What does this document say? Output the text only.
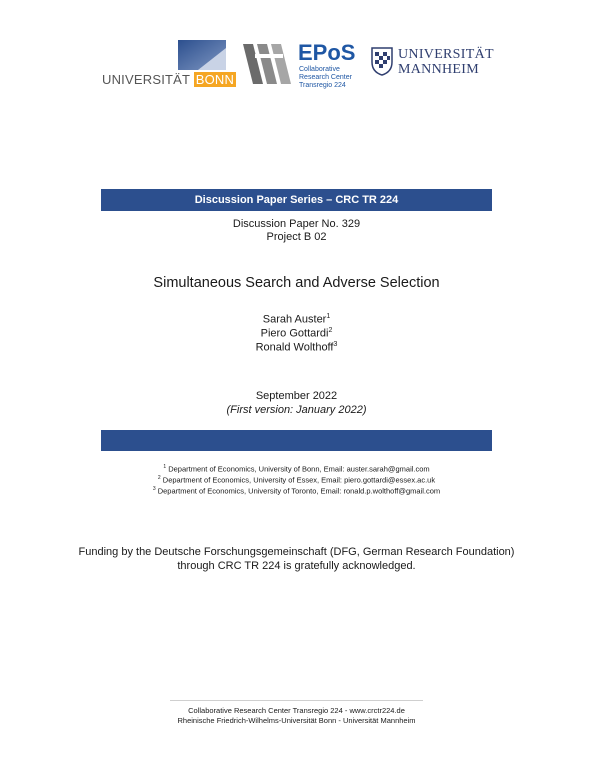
UNIVERSITÄT BONN
EPoS
Collaborative
Research Center
Transregio 224
UNIVERSITÄT
MANNHEIM
Discussion Paper Series – CRC TR 224
Discussion Paper No. 329
Project B 02
Simultaneous Search and Adverse Selection
Sarah Auster$^1$
Piero Gottardi$^2$
Ronald Wolthoff$^3$
September 2022
(First version: January 2022)
$^1$ Department of Economics, University of Bonn, Email: auster.sarah@gmail.com
$^2$ Department of Economics, University of Essex, Email: piero.gottardi@essex.ac.uk
$^3$ Department of Economics, University of Toronto, Email: ronald.p.wolthoff@gmail.com
Funding by the Deutsche Forschungsgemeinschaft (DFG, German Research Foundation)
through CRC TR 224 is gratefully acknowledged.
Collaborative Research Center Transregio 224 - www.crctr224.de
Rheinische Friedrich-Wilhelms-Universität Bonn - Universität Mannheim
